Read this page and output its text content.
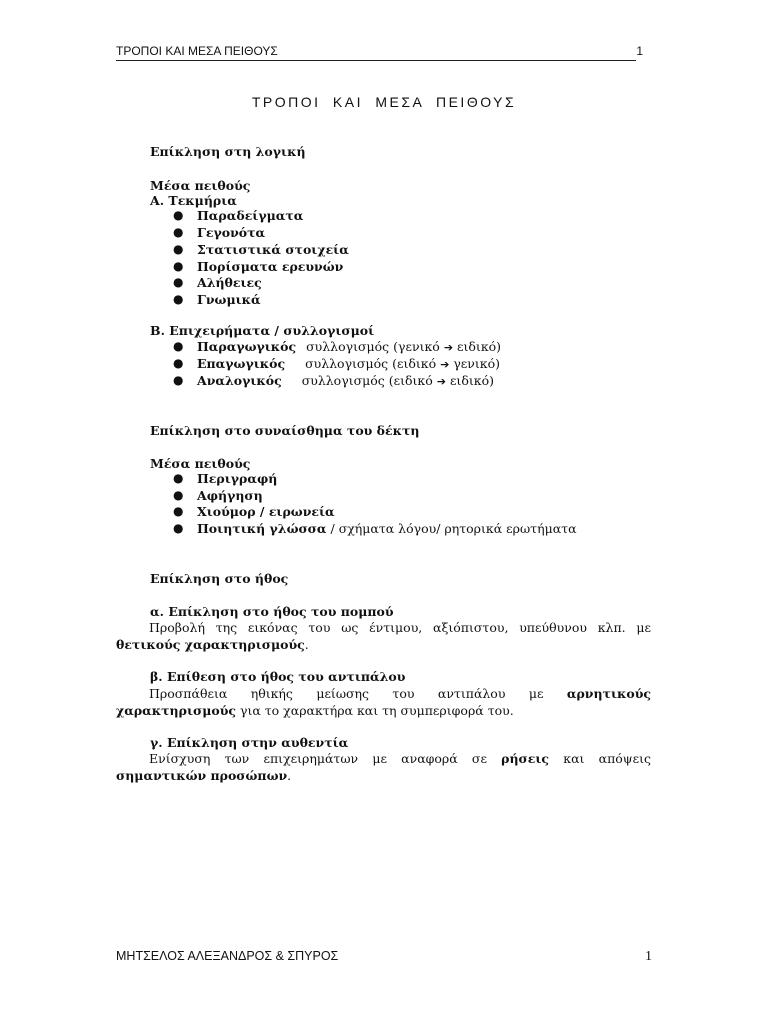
ΤΡΟΠΟΙ ΚΑΙ ΜΕΣΑ ΠΕΙΘΟΥΣ	1
ΤΡΟΠΟΙ ΚΑΙ ΜΕΣΑ ΠΕΙΘΟΥΣ
Επίκληση στη λογική
Μέσα πειθούς
Α. Τεκμήρια
● Παραδείγματα
● Γεγονότα
● Στατιστικά στοιχεία
● Πορίσματα ερευνών
● Αλήθειες
● Γνωμικά
Β. Επιχειρήματα / συλλογισμοί
● Παραγωγικός συλλογισμός (γενικό ➔ ειδικό)
● Επαγωγικός συλλογισμός (ειδικό ➔ γενικό)
● Αναλογικός συλλογισμός (ειδικό ➔ ειδικό)
Επίκληση στο συναίσθημα του δέκτη
Μέσα πειθούς
● Περιγραφή
● Αφήγηση
● Χιούμορ / ειρωνεία
● Ποιητική γλώσσα / σχήματα λόγου/ ρητορικά ερωτήματα
Επίκληση στο ήθος
α. Επίκληση στο ήθος του πομπού
Προβολή της εικόνας του ως έντιμου, αξιόπιστου, υπεύθυνου κλπ. με θετικούς χαρακτηρισμούς.
β. Επίθεση στο ήθος του αντιπάλου
Προσπάθεια ηθικής μείωσης του αντιπάλου με αρνητικούς χαρακτηρισμούς για το χαρακτήρα και τη συμπεριφορά του.
γ. Επίκληση στην αυθεντία
Ενίσχυση των επιχειρημάτων με αναφορά σε ρήσεις και απόψεις σημαντικών προσώπων.
ΜΗΤΣΕΛΟΣ ΑΛΕΞΑΝΔΡΟΣ & ΣΠΥΡΟΣ	1
